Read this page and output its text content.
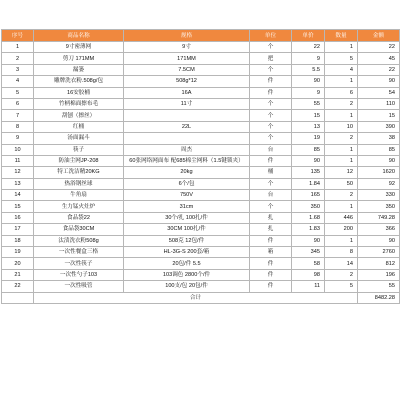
序号	商品名称	规格	单位	单价	数量	金额
1	9寸密薄网	9寸	个	22	1	22
2	剪刀 171MM	171MM	把	9	5	45
3	漏篓	7.5CM	个	5.5	4	22
4	雕牌洗衣粉.508g/包	508g*12	件	90	1	90
5	16安胶桶	16A	件	9	6	54
6	竹柄棉面擦布毛	11寸	个	55	2	110
7	刮刨（擦丝）		个	15	1	15
8	红桶	22L	个	13	10	390
9	汤面漏斗		个	19	2	38
10	筷子	周杰	台	85	1	85
11	防油尘网JP-208	60张网络网面布 配685棉尘网料（1.5键锁夹）	件	90	1	90
12	特工洗洁精20KG	20kg	桶	135	12	1620
13	热浴钢丝球	6个/包	个	1.84	50	92
14	牛角扇	750V	台	165	2	330
15	生力锰火灶炉	31cm	个	350	1	350
16	食品袋22	30个/扎 100扎/件	扎	1.68	446	749.28
17	食品袋30CM	30CM 100扎/件	扎	1.83	200	366
18	汰渍洗衣粉508g	508克 12包/件	件	90	1	90
19	一次性餐盒三格	HL-3G-S 200套/箱	箱	345	8	2760
20	一次性筷子	20包/件 5.5	件	58	14	812
21	一次性勺子103	103调色 2800个/件	件	98	2	196
22	一次性吸管	100支/包 20包/件	件	11	5	55
	合计					8482.28
